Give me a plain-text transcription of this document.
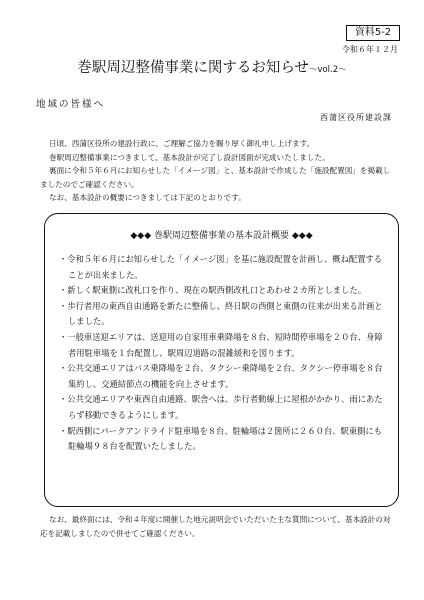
資料5-2
令和６年１２月
巻駅周辺整備事業に関するお知らせ～vol.2～
地域の皆様へ
西蒲区役所建設課

日頃、西蒲区役所の建設行政に、ご理解ご協力を賜り厚く御礼申し上げます。

巻駅周辺整備事業につきまして、基本設計が完了し設計図面が完成いたしました。

裏面に令和５年６月にお知らせした「イメージ図」と、基本設計で作成した「施設配置図」を掲載しましたのでご確認ください。

なお、基本設計の概要につきましては下記のとおりです。

◆◆◆ 巻駅周辺整備事業の基本設計概要 ◆◆◆
・令和５年６月にお知らせした「イメージ図」を基に施設配置を計画し、概ね配置することが出来ました。
・新しく駅東側に改札口を作り、現在の駅西側改札口とあわせ２カ所としました。
・歩行者用の東西自由通路を新たに整備し、終日駅の西側と東側の往来が出来る計画としました。
・一般車送迎エリアは、送迎用の自家用車乗降場を８台、短時間停車場を２０台、身障者用駐車場を１台配置し、駅周辺道路の混雑緩和を図ります。
・公共交通エリアはバス乗降場を２台、タクシー乗降場を２台、タクシー停車場を８台集約し、交通結節点の機能を向上させます。
・公共交通エリアや東西自由通路、駅舎へは、歩行者動線上に屋根がかかり、雨にあたらず移動できるようにします。
・駅西側にパークアンドライド駐車場を８台、駐輪場は２箇所に２６０台、駅東側にも駐輪場９８台を配置いたしました。

なお、最終面には、令和４年度に開催した地元説明会でいただいた主な質問について、基本設計の対応を記載しましたので併せてご確認ください。
